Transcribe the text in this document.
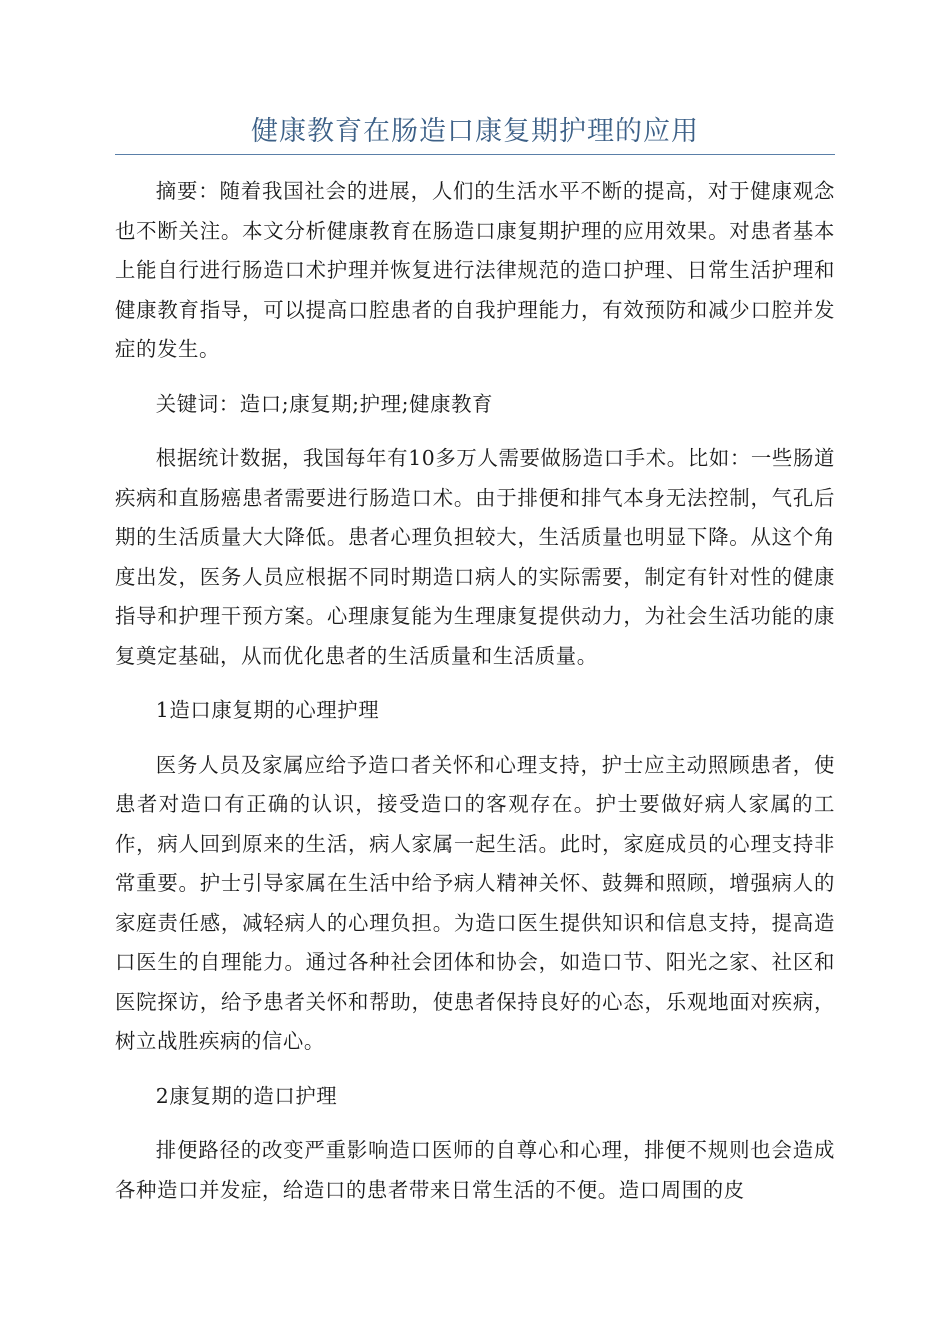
健康教育在肠造口康复期护理的应用

摘要：随着我国社会的进展，人们的生活水平不断的提高，对于健康观念也不断关注。本文分析健康教育在肠造口康复期护理的应用效果。对患者基本上能自行进行肠造口术护理并恢复进行法律规范的造口护理、日常生活护理和健康教育指导，可以提高口腔患者的自我护理能力，有效预防和减少口腔并发症的发生。

关键词：造口;康复期;护理;健康教育

根据统计数据，我国每年有10多万人需要做肠造口手术。比如：一些肠道疾病和直肠癌患者需要进行肠造口术。由于排便和排气本身无法控制，气孔后期的生活质量大大降低。患者心理负担较大，生活质量也明显下降。从这个角度出发，医务人员应根据不同时期造口病人的实际需要，制定有针对性的健康指导和护理干预方案。心理康复能为生理康复提供动力，为社会生活功能的康复奠定基础，从而优化患者的生活质量和生活质量。

1造口康复期的心理护理

医务人员及家属应给予造口者关怀和心理支持，护士应主动照顾患者，使患者对造口有正确的认识，接受造口的客观存在。护士要做好病人家属的工作，病人回到原来的生活，病人家属一起生活。此时，家庭成员的心理支持非常重要。护士引导家属在生活中给予病人精神关怀、鼓舞和照顾，增强病人的家庭责任感，减轻病人的心理负担。为造口医生提供知识和信息支持，提高造口医生的自理能力。通过各种社会团体和协会，如造口节、阳光之家、社区和医院探访，给予患者关怀和帮助，使患者保持良好的心态，乐观地面对疾病，树立战胜疾病的信心。

2康复期的造口护理

排便路径的改变严重影响造口医师的自尊心和心理，排便不规则也会造成各种造口并发症，给造口的患者带来日常生活的不便。造口周围的皮
